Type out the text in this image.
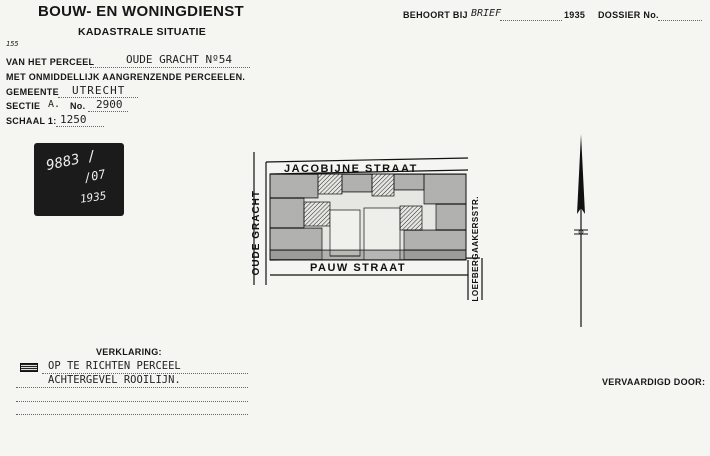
BOUW- EN WONINGDIENST
KADASTRALE SITUATIE
155
BEHOORT BIJ BRIEF	1935 DOSSIER No.
VAN HET PERCEEL	OUDE GRACHT Nº54
MET ONMIDDELLIJK AANGRENZENDE PERCEELEN.
GEMEENTE UTRECHT
SECTIE A. No. 2900
SCHAAL 1: 1250
9883 /
/07
1935
JACOBIJNE STRAAT
PAUW STRAAT
OUDE GRACHT	LOEFBERGAAKERSSTR.
VERKLARING:
OP TE RICHTEN PERCEEL
ACHTERGEVEL ROOILIJN.	VERVAARDIGD DOOR:
